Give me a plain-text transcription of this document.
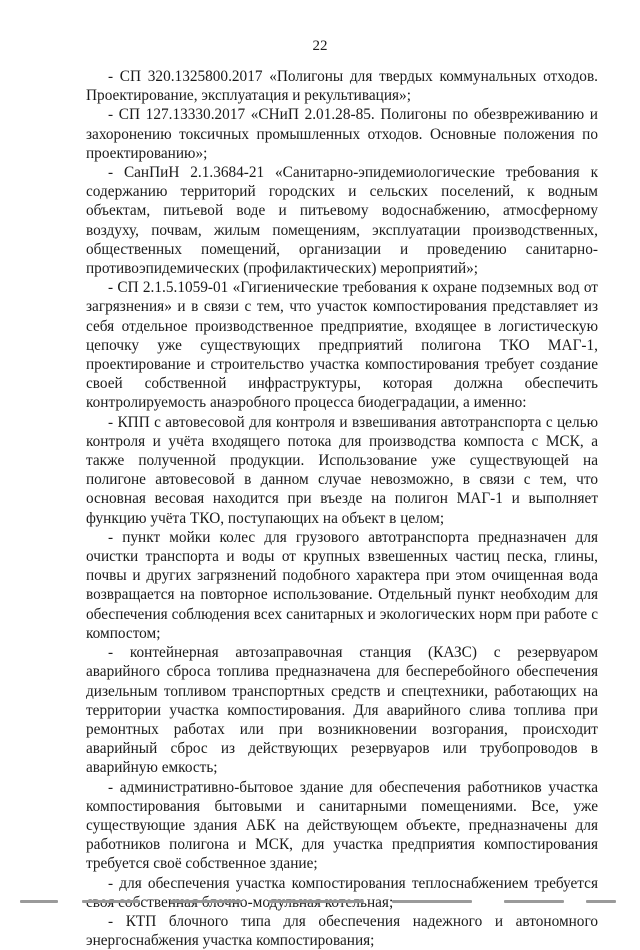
22

- СП 320.1325800.2017 «Полигоны для твердых коммунальных отходов. Проектирование, эксплуатация и рекультивация»;

- СП 127.13330.2017 «СНиП 2.01.28-85. Полигоны по обезвреживанию и захоронению токсичных промышленных отходов. Основные положения по проектированию»;

- СанПиН 2.1.3684-21 «Санитарно-эпидемиологические требования к содержанию территорий городских и сельских поселений, к водным объектам, питьевой воде и питьевому водоснабжению, атмосферному воздуху, почвам, жилым помещениям, эксплуатации производственных, общественных помещений, организации и проведению санитарно-противоэпидемических (профилактических) мероприятий»;

- СП 2.1.5.1059-01 «Гигиенические требования к охране подземных вод от загрязнения» и в связи с тем, что участок компостирования представляет из себя отдельное производственное предприятие, входящее в логистическую цепочку уже существующих предприятий полигона ТКО МАГ-1, проектирование и строительство участка компостирования требует создание своей собственной инфраструктуры, которая должна обеспечить контролируемость анаэробного процесса биодеградации, а именно:

- КПП с автовесовой для контроля и взвешивания автотранспорта с целью контроля и учёта входящего потока для производства компоста с МСК, а также полученной продукции. Использование уже существующей на полигоне автовесовой в данном случае невозможно, в связи с тем, что основная весовая находится при въезде на полигон МАГ-1 и выполняет функцию учёта ТКО, поступающих на объект в целом;

- пункт мойки колес для грузового автотранспорта предназначен для очистки транспорта и воды от крупных взвешенных частиц песка, глины, почвы и других загрязнений подобного характера при этом очищенная вода возвращается на повторное использование. Отдельный пункт необходим для обеспечения соблюдения всех санитарных и экологических норм при работе с компостом;

- контейнерная автозаправочная станция (КАЗС) с резервуаром аварийного сброса топлива предназначена для бесперебойного обеспечения дизельным топливом транспортных средств и спецтехники, работающих на территории участка компостирования. Для аварийного слива топлива при ремонтных работах или при возникновении возгорания, происходит аварийный сброс из действующих резервуаров или трубопроводов в аварийную емкость;

- административно-бытовое здание для обеспечения работников участка компостирования бытовыми и санитарными помещениями. Все, уже существующие здания АБК на действующем объекте, предназначены для работников полигона и МСК, для участка предприятия компостирования требуется своё собственное здание;

- для обеспечения участка компостирования теплоснабжением требуется собственная блочно-модульная

- КТП блочного типа для обеспечения надежного и автономного энергоснабжения участка компостирования;
